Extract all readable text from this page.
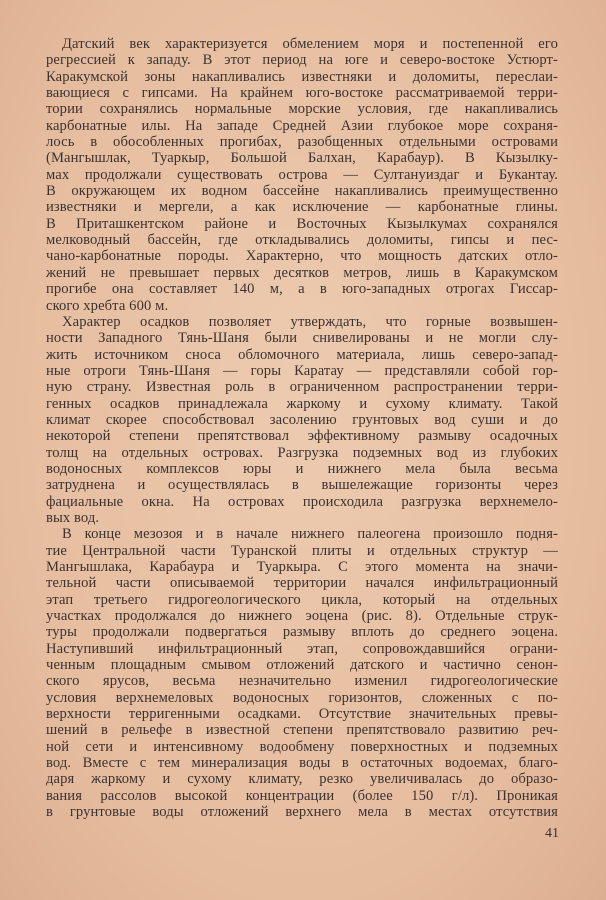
Датский век характеризуется обмелением моря и постепенной его
регрессией к западу. В этот период на юге и северо-востоке Устюрт-
Каракумской зоны накапливались известняки и доломиты, переслаи-
вающиеся с гипсами. На крайнем юго-востоке рассматриваемой терри-
тории сохранялись нормальные морские условия, где накапливались
карбонатные илы. На западе Средней Азии глубокое море сохраня-
лось в обособленных прогибах, разобщенных отдельными островами
(Мангышлак, Туаркыр, Большой Балхан, Карабаур). В Кызылку-
мах продолжали существовать острова — Султануиздаг и Букантау.
В окружающем их водном бассейне накапливались преимущественно
известняки и мергели, а как исключение — карбонатные глины.
В Приташкентском районе и Восточных Кызылкумах сохранялся
мелководный бассейн, где откладывались доломиты, гипсы и пес-
чано-карбонатные породы. Характерно, что мощность датских отло-
жений не превышает первых десятков метров, лишь в Каракумском
прогибе она составляет 140 м, а в юго-западных отрогах Гиссар-
ского хребта 600 м.
Характер осадков позволяет утверждать, что горные возвышен-
ности Западного Тянь-Шаня были снивелированы и не могли слу-
жить источником сноса обломочного материала, лишь северо-запад-
ные отроги Тянь-Шаня — горы Каратау — представляли собой гор-
ную страну. Известная роль в ограниченном распространении терри-
генных осадков принадлежала жаркому и сухому климату. Такой
климат скорее способствовал засолению грунтовых вод суши и до
некоторой степени препятствовал эффективному размыву осадочных
толщ на отдельных островах. Разгрузка подземных вод из глубоких
водоносных комплексов юры и нижнего мела была весьма
затруднена и осуществлялась в вышележащие горизонты через
фациальные окна. На островах происходила разгрузка верхнемело-
вых вод.
В конце мезозоя и в начале нижнего палеогена произошло подня-
тие Центральной части Туранской плиты и отдельных структур —
Мангышлака, Карабаура и Туаркыра. С этого момента на значи-
тельной части описываемой территории начался инфильтрационный
этап третьего гидрогеологического цикла, который на отдельных
участках продолжался до нижнего эоцена (рис. 8). Отдельные струк-
туры продолжали подвергаться размыву вплоть до среднего эоцена.
Наступивший инфильтрационный этап, сопровождавшийся ограни-
ченным площадным смывом отложений датского и частично сенон-
ского ярусов, весьма незначительно изменил гидрогеологические
условия верхнемеловых водоносных горизонтов, сложенных с по-
верхности терригенными осадками. Отсутствие значительных превы-
шений в рельефе в известной степени препятствовало развитию реч-
ной сети и интенсивному водообмену поверхностных и подземных
вод. Вместе с тем минерализация воды в остаточных водоемах, благо-
даря жаркому и сухому климату, резко увеличивалась до образо-
вания рассолов высокой концентрации (более 150 г/л). Проникая
в грунтовые воды отложений верхнего мела в местах отсутствия
41
